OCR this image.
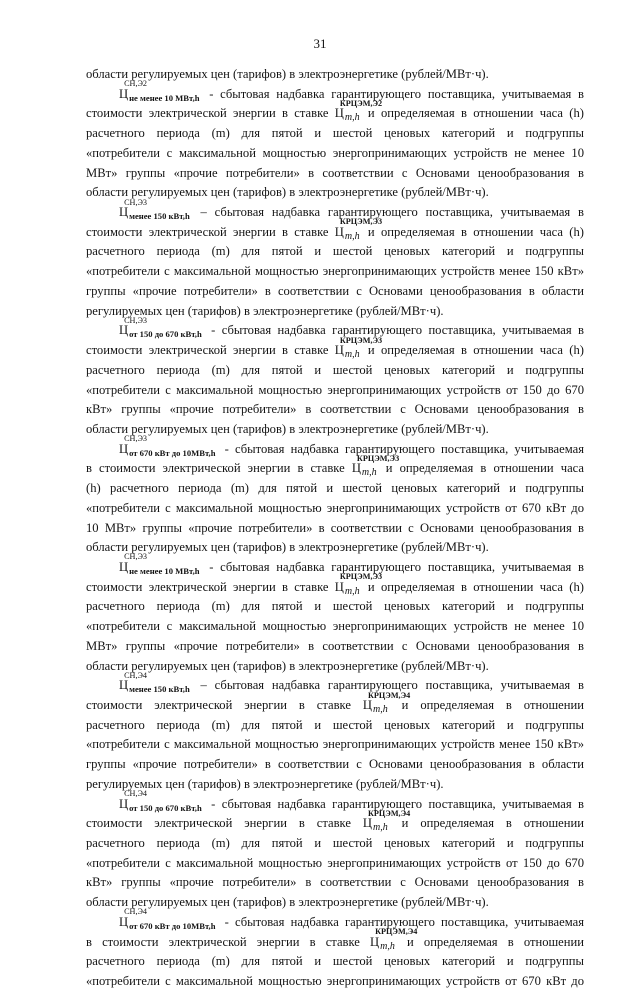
31
области регулируемых цен (тарифов) в электроэнергетике (рублей/МВт·ч).
Ц
СН,Э2
не менее 10 МВт,h - сбытовая надбавка гарантирующего поставщика, учитываемая в
стоимости электрической энергии в ставке Ц
КРЦЭМ,Э2
m,h и определяемая в отношении часа (h)
расчетного периода (m) для пятой и шестой ценовых категорий и подгруппы
«потребители с максимальной мощностью энергопринимающих устройств не менее 10
МВт» группы «прочие потребители» в соответствии с Основами ценообразования в
области регулируемых цен (тарифов) в электроэнергетике (рублей/МВт·ч).
Ц
СН,Э3
менее 150 кВт,h – сбытовая надбавка гарантирующего поставщика, учитываемая в
стоимости электрической энергии в ставке Ц
КРЦЭМ,Э3
m,h и определяемая в отношении часа (h)
расчетного периода (m) для пятой и шестой ценовых категорий и подгруппы
«потребители с максимальной мощностью энергопринимающих устройств менее 150 кВт»
группы «прочие потребители» в соответствии с Основами ценообразования в области
регулируемых цен (тарифов) в электроэнергетике (рублей/МВт·ч).
Ц
СН,Э3
от 150 до 670 кВт,h - сбытовая надбавка гарантирующего поставщика, учитываемая в
стоимости электрической энергии в ставке Ц
КРЦЭМ,Э3
m,h и определяемая в отношении часа (h)
расчетного периода (m) для пятой и шестой ценовых категорий и подгруппы
«потребители с максимальной мощностью энергопринимающих устройств от 150 до 670
кВт» группы «прочие потребители» в соответствии с Основами ценообразования в
области регулируемых цен (тарифов) в электроэнергетике (рублей/МВт·ч).
Ц
СН,Э3
от 670 кВт до 10МВт,h - сбытовая надбавка гарантирующего поставщика, учитываемая
в стоимости электрической энергии в ставке Ц
КРЦЭМ,Э3
m,h и определяемая в отношении часа
(h) расчетного периода (m) для пятой и шестой ценовых категорий и подгруппы
«потребители с максимальной мощностью энергопринимающих устройств от 670 кВт до
10 МВт» группы «прочие потребители» в соответствии с Основами ценообразования в
области регулируемых цен (тарифов) в электроэнергетике (рублей/МВт·ч).
Ц
СН,Э3
не менее 10 МВт,h - сбытовая надбавка гарантирующего поставщика, учитываемая в
стоимости электрической энергии в ставке Ц
КРЦЭМ,Э3
m,h и определяемая в отношении часа (h)
расчетного периода (m) для пятой и шестой ценовых категорий и подгруппы
«потребители с максимальной мощностью энергопринимающих устройств не менее 10
МВт» группы «прочие потребители» в соответствии с Основами ценообразования в
области регулируемых цен (тарифов) в электроэнергетике (рублей/МВт·ч).
Ц
СН,Э4
менее 150 кВт,h – сбытовая надбавка гарантирующего поставщика, учитываемая в
стоимости электрической энергии в ставке Ц
КРЦЭМ,Э4
m,h и определяемая в отношении
расчетного периода (m) для пятой и шестой ценовых категорий и подгруппы
«потребители с максимальной мощностью энергопринимающих устройств менее 150 кВт»
группы «прочие потребители» в соответствии с Основами ценообразования в области
регулируемых цен (тарифов) в электроэнергетике (рублей/МВт·ч).
Ц
СН,Э4
от 150 до 670 кВт,h - сбытовая надбавка гарантирующего поставщика, учитываемая в
стоимости электрической энергии в ставке Ц
КРЦЭМ,Э4
m,h и определяемая в отношении
расчетного периода (m) для пятой и шестой ценовых категорий и подгруппы
«потребители с максимальной мощностью энергопринимающих устройств от 150 до 670
кВт» группы «прочие потребители» в соответствии с Основами ценообразования в
области регулируемых цен (тарифов) в электроэнергетике (рублей/МВт·ч).
Ц
СН,Э4
от 670 кВт до 10МВт,h - сбытовая надбавка гарантирующего поставщика, учитываемая
в стоимости электрической энергии в ставке Ц
КРЦЭМ,Э4
m,h и определяемая в отношении
расчетного периода (m) для пятой и шестой ценовых категорий и подгруппы
«потребители с максимальной мощностью энергопринимающих устройств от 670 кВт до
